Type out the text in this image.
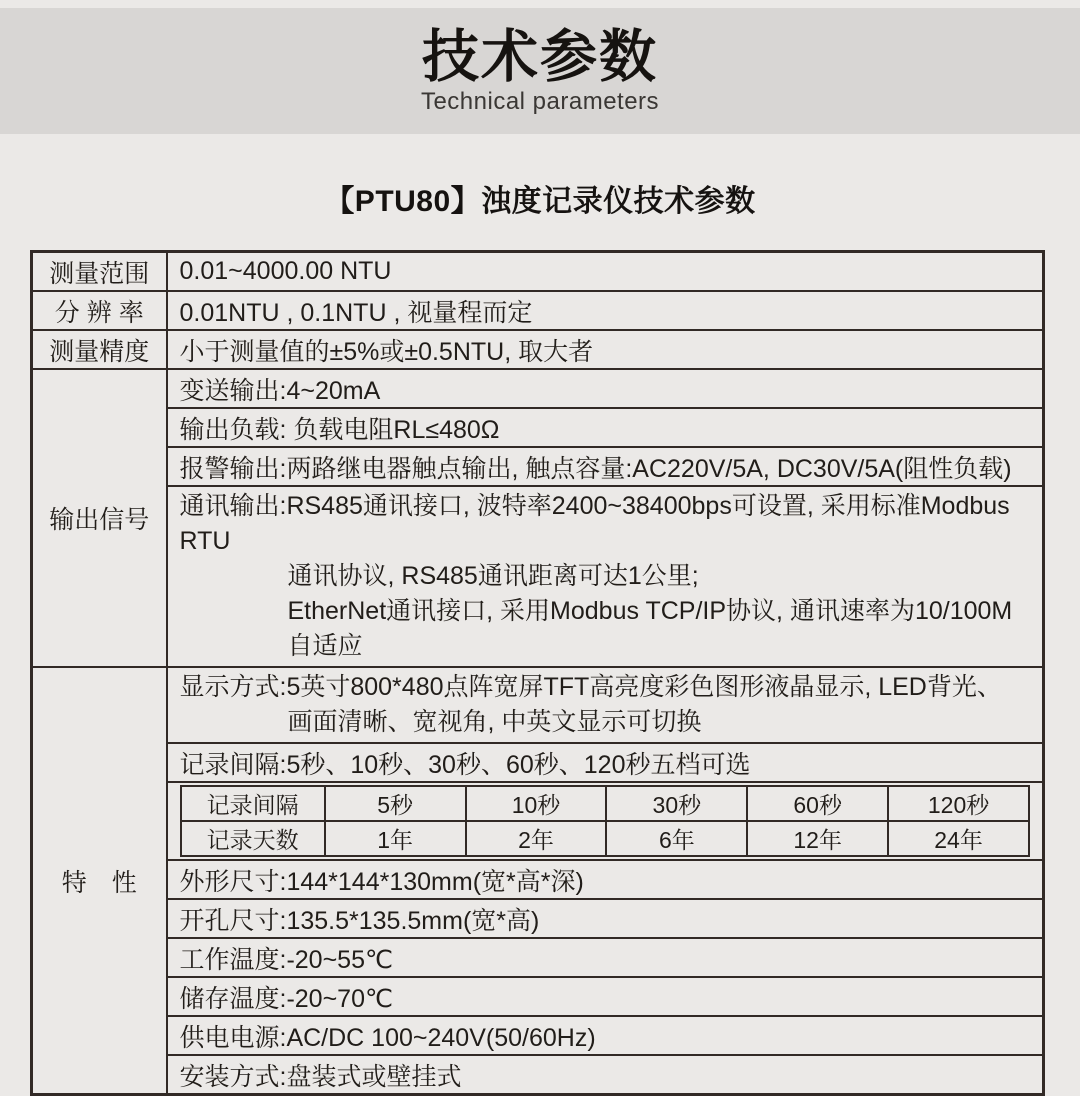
技术参数
Technical parameters
【PTU80】浊度记录仪技术参数
测量范围	0.01~4000.00 NTU

分 辨 率	0.01NTU , 0.1NTU , 视量程而定

测量精度	小于测量值的±5%或±0.5NTU, 取大者

输出信号
	变送输出:4~20mA
输出负载: 负载电阻RL≤480Ω
报警输出:两路继电器触点输出, 触点容量:AC220V/5A, DC30V/5A(阻性负载)

通讯输出:RS485通讯接口, 波特率2400~38400bps可设置, 采用标准Modbus RTU
通讯协议, RS485通讯距离可达1公里;
EtherNet通讯接口, 采用Modbus TCP/IP协议, 通讯速率为10/100M自适应

特　性

显示方式:5英寸800*480点阵宽屏TFT高亮度彩色图形液晶显示, LED背光、
画面清晰、宽视角, 中英文显示可切换

记录间隔:5秒、10秒、30秒、60秒、120秒五档可选

记录间隔	5秒	10秒	30秒	60秒	120秒
记录天数	1年	2年	6年	12年	24年

外形尺寸:144*144*130mm(宽*高*深)
开孔尺寸:135.5*135.5mm(宽*高)
工作温度:-20~55℃
储存温度:-20~70℃
供电电源:AC/DC 100~240V(50/60Hz)
安装方式:盘装式或壁挂式
